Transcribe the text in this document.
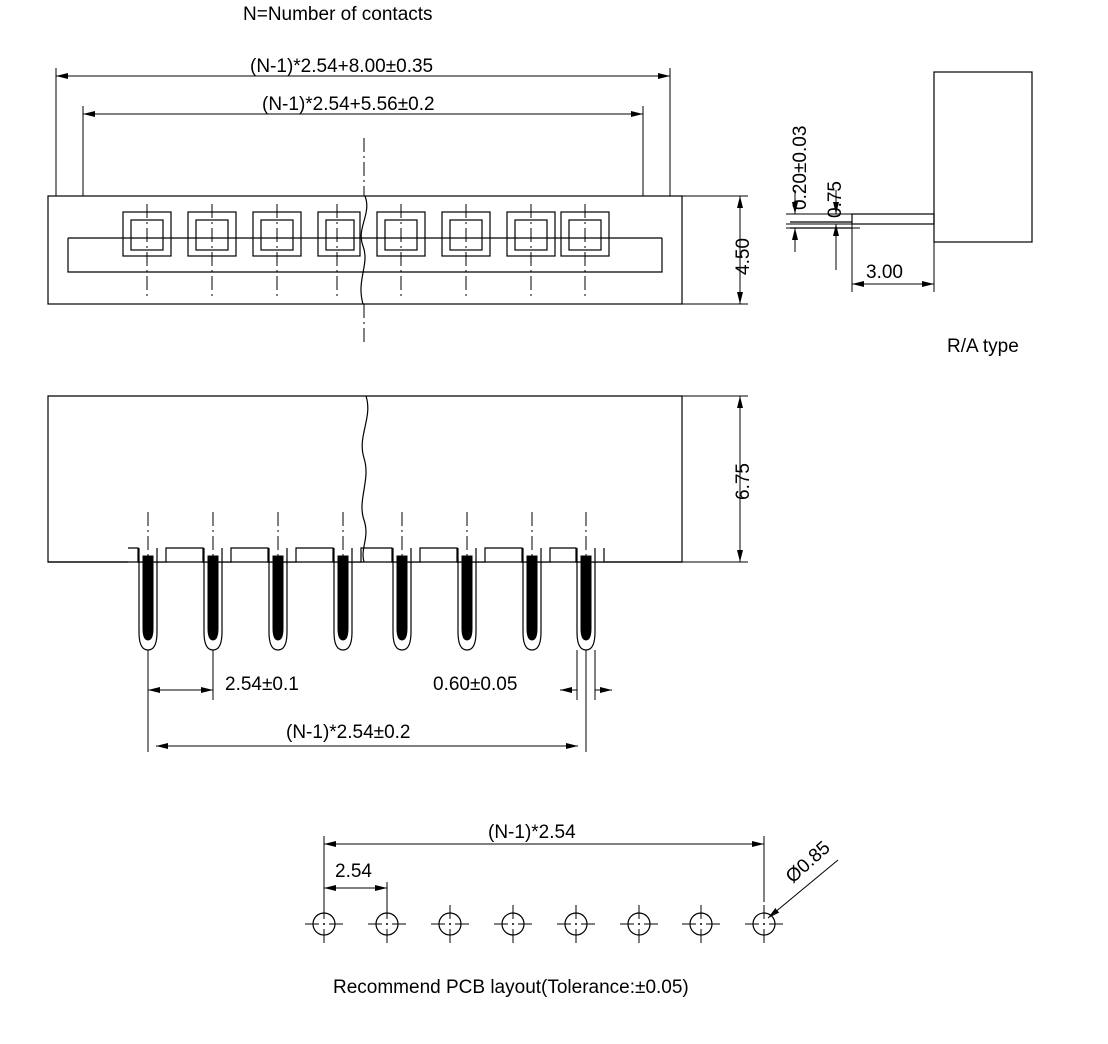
N=Number of contacts
(N-1)*2.54+8.00±0.35
(N-1)*2.54+5.56±0.2
4.50
0.20±0.03 0.75
3.00
R/A type
6.75
2.54±0.1	0.60±0.05
(N-1)*2.54±0.2
(N-1)*2.54
2.54	Ø0.85
Recommend PCB layout(Tolerance:±0.05)
